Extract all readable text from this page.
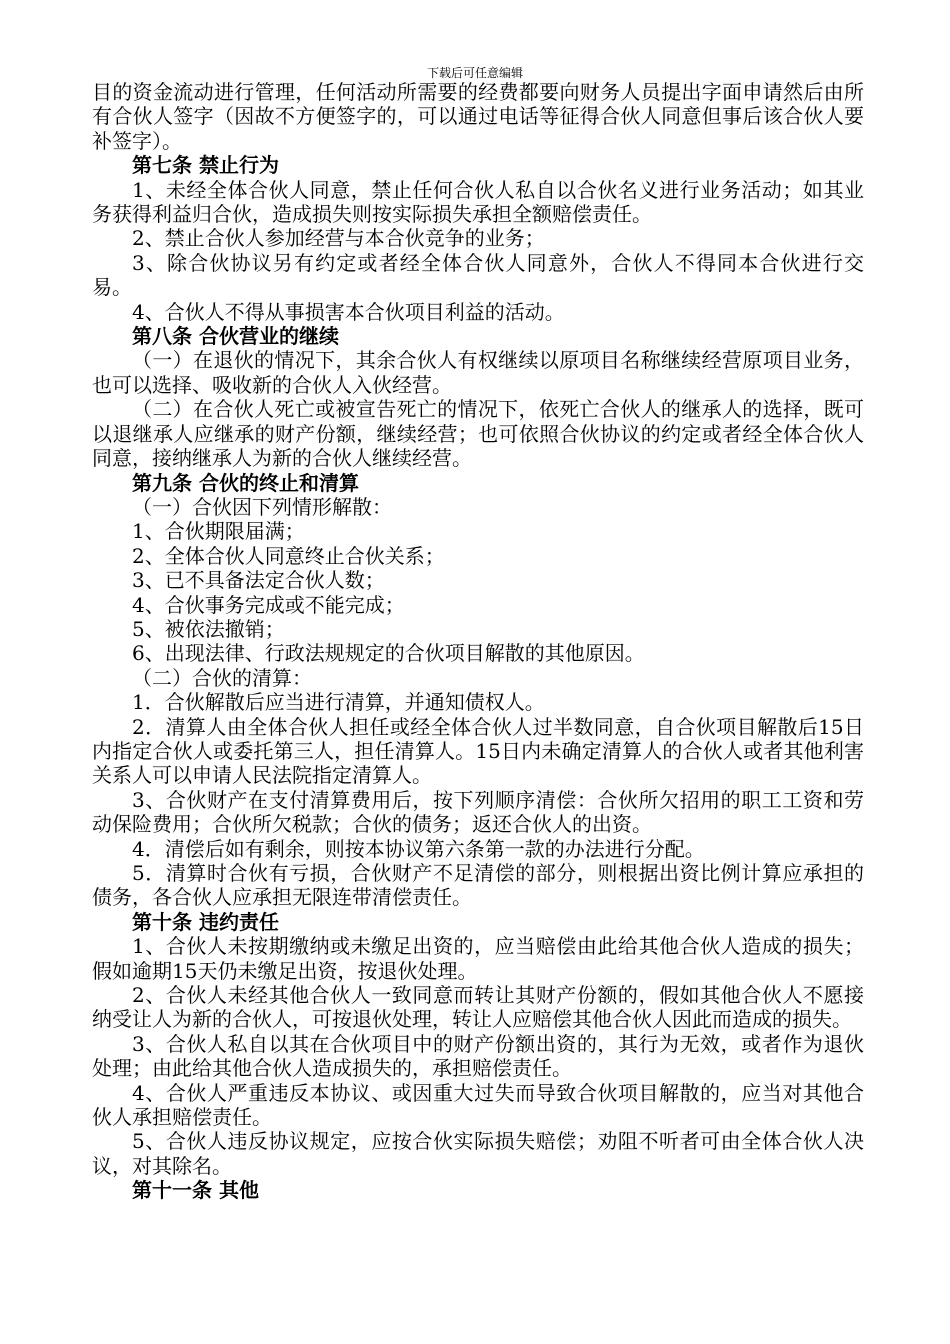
下载后可任意编辑
目的资金流动进行管理，任何活动所需要的经费都要向财务人员提出字面申请然后由所有合伙人签字（因故不方便签字的，可以通过电话等征得合伙人同意但事后该合伙人要补签字）。
第七条 禁止行为
1、未经全体合伙人同意，禁止任何合伙人私自以合伙名义进行业务活动；如其业务获得利益归合伙，造成损失则按实际损失承担全额赔偿责任。
2、禁止合伙人参加经营与本合伙竞争的业务；
3、除合伙协议另有约定或者经全体合伙人同意外，合伙人不得同本合伙进行交易。
4、合伙人不得从事损害本合伙项目利益的活动。
第八条 合伙营业的继续
（一）在退伙的情况下，其余合伙人有权继续以原项目名称继续经营原项目业务，也可以选择、吸收新的合伙人入伙经营。
（二）在合伙人死亡或被宣告死亡的情况下，依死亡合伙人的继承人的选择，既可以退继承人应继承的财产份额，继续经营；也可依照合伙协议的约定或者经全体合伙人同意，接纳继承人为新的合伙人继续经营。
第九条 合伙的终止和清算
（一）合伙因下列情形解散：
1、合伙期限届满；
2、全体合伙人同意终止合伙关系；
3、已不具备法定合伙人数；
4、合伙事务完成或不能完成；
5、被依法撤销；
6、出现法律、行政法规规定的合伙项目解散的其他原因。
（二）合伙的清算：
1．合伙解散后应当进行清算，并通知债权人。
2．清算人由全体合伙人担任或经全体合伙人过半数同意，自合伙项目解散后15日内指定合伙人或委托第三人，担任清算人。15日内未确定清算人的合伙人或者其他利害关系人可以申请人民法院指定清算人。
3、合伙财产在支付清算费用后，按下列顺序清偿：合伙所欠招用的职工工资和劳动保险费用；合伙所欠税款；合伙的债务；返还合伙人的出资。
4．清偿后如有剩余，则按本协议第六条第一款的办法进行分配。
5．清算时合伙有亏损，合伙财产不足清偿的部分，则根据出资比例计算应承担的债务，各合伙人应承担无限连带清偿责任。
第十条 违约责任
1、合伙人未按期缴纳或未缴足出资的，应当赔偿由此给其他合伙人造成的损失；假如逾期15天仍未缴足出资，按退伙处理。
2、合伙人未经其他合伙人一致同意而转让其财产份额的，假如其他合伙人不愿接纳受让人为新的合伙人，可按退伙处理，转让人应赔偿其他合伙人因此而造成的损失。
3、合伙人私自以其在合伙项目中的财产份额出资的，其行为无效，或者作为退伙处理；由此给其他合伙人造成损失的，承担赔偿责任。
4、合伙人严重违反本协议、或因重大过失而导致合伙项目解散的，应当对其他合伙人承担赔偿责任。
5、合伙人违反协议规定，应按合伙实际损失赔偿；劝阻不听者可由全体合伙人决议，对其除名。
第十一条 其他
